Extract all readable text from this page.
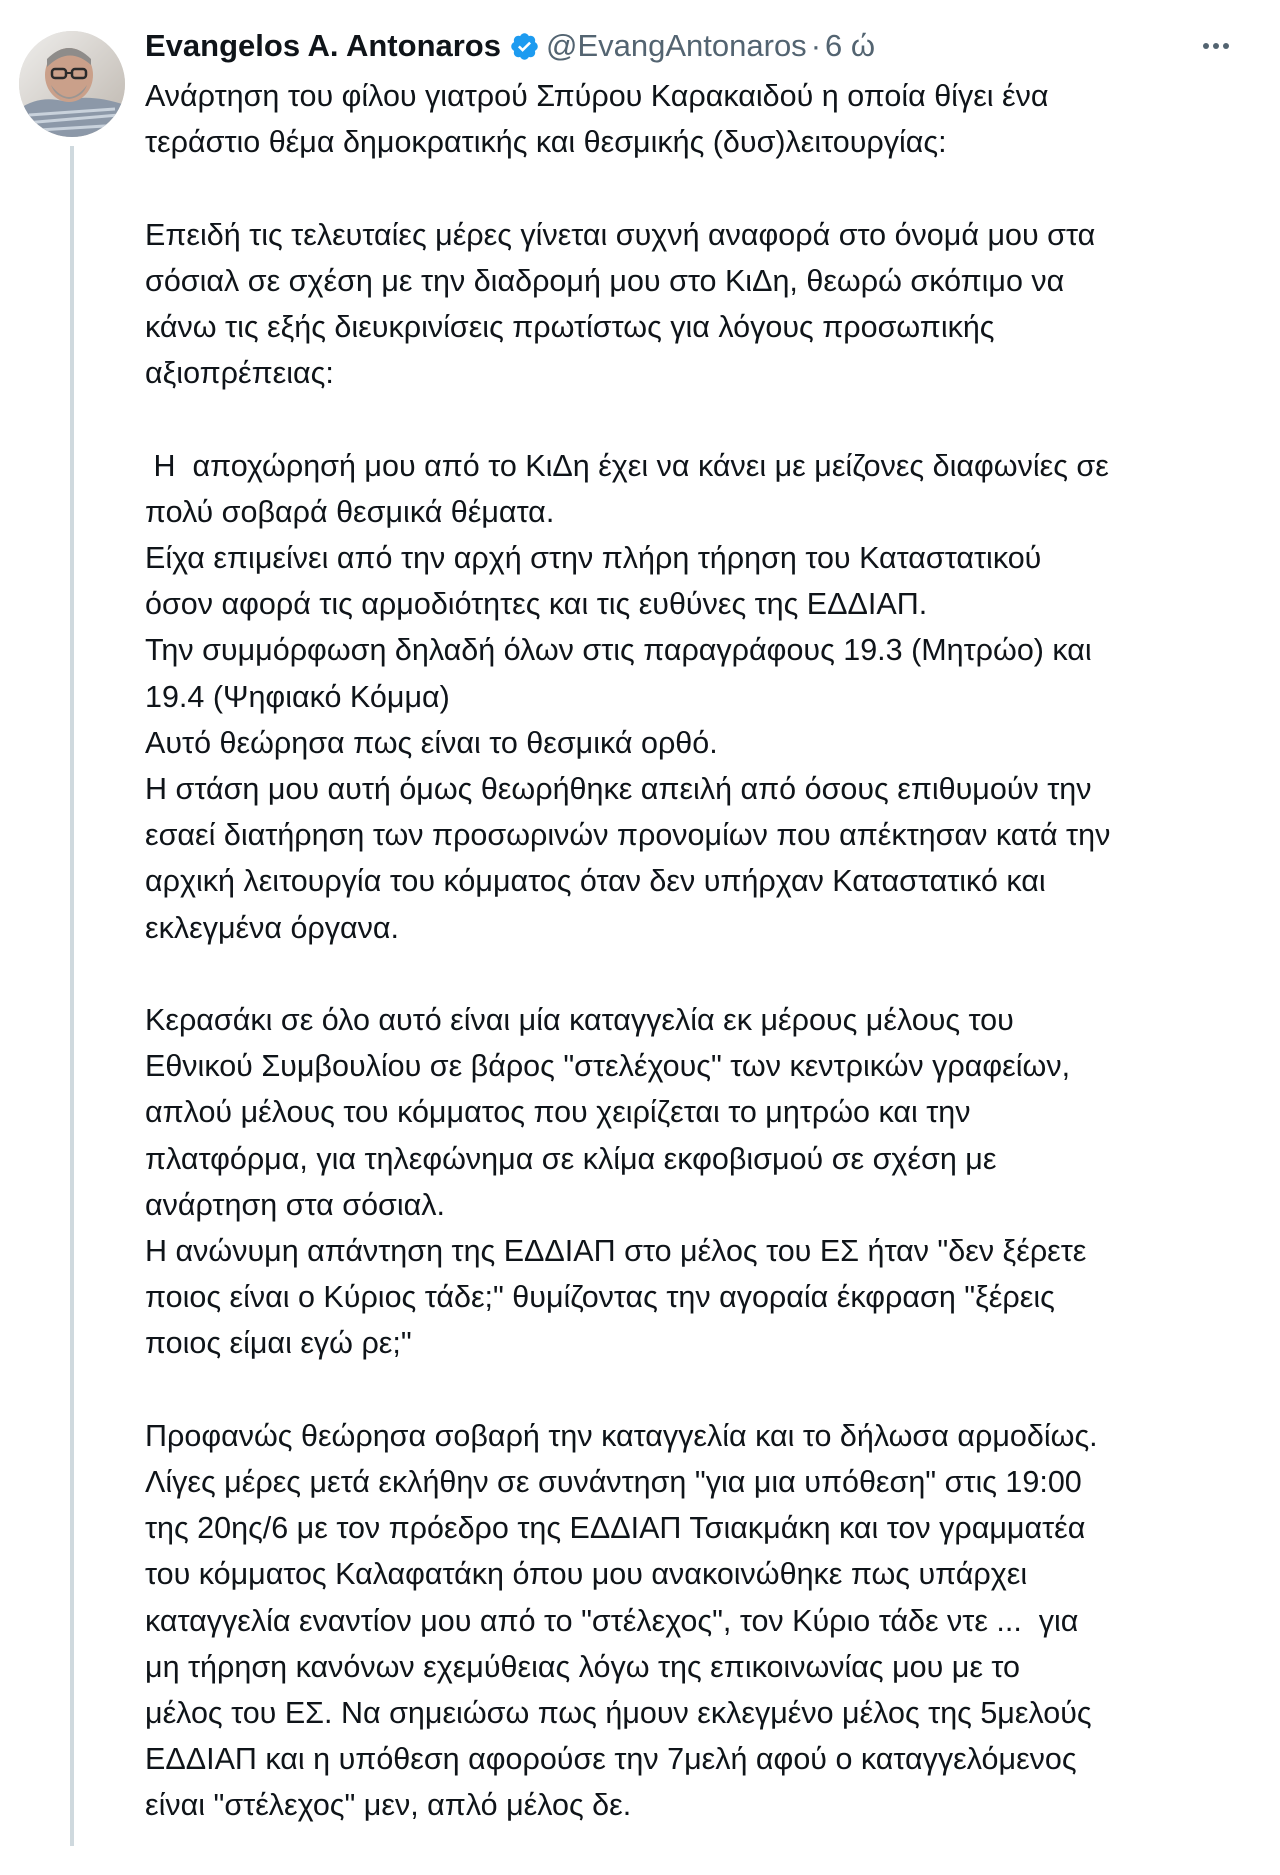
Evangelos A. Antonaros @EvangAntonaros · 6 ώ
Ανάρτηση του φίλου γιατρού Σπύρου Καρακαιδού η οποία θίγει ένα
τεράστιο θέμα δημοκρατικής και θεσμικής (δυσ)λειτουργίας:
Επειδή τις τελευταίες μέρες γίνεται συχνή αναφορά στο όνομά μου στα
σόσιαλ σε σχέση με την διαδρομή μου στο ΚιΔη, θεωρώ σκόπιμο να
κάνω τις εξής διευκρινίσεις πρωτίστως για λόγους προσωπικής
αξιοπρέπειας:
Η  αποχώρησή μου από το ΚιΔη έχει να κάνει με μείζονες διαφωνίες σε
πολύ σοβαρά θεσμικά θέματα.
Είχα επιμείνει από την αρχή στην πλήρη τήρηση του Καταστατικού
όσον αφορά τις αρμοδιότητες και τις ευθύνες της ΕΔΔΙΑΠ.
Την συμμόρφωση δηλαδή όλων στις παραγράφους 19.3 (Μητρώο) και
19.4 (Ψηφιακό Κόμμα)
Αυτό θεώρησα πως είναι το θεσμικά ορθό.
Η στάση μου αυτή όμως θεωρήθηκε απειλή από όσους επιθυμούν την
εσαεί διατήρηση των προσωρινών προνομίων που απέκτησαν κατά την
αρχική λειτουργία του κόμματος όταν δεν υπήρχαν Καταστατικό και
εκλεγμένα όργανα.
Κερασάκι σε όλο αυτό είναι μία καταγγελία εκ μέρους μέλους του
Εθνικού Συμβουλίου σε βάρος "στελέχους" των κεντρικών γραφείων,
απλού μέλους του κόμματος που χειρίζεται το μητρώο και την
πλατφόρμα, για τηλεφώνημα σε κλίμα εκφοβισμού σε σχέση με
ανάρτηση στα σόσιαλ.
Η ανώνυμη απάντηση της ΕΔΔΙΑΠ στο μέλος του ΕΣ ήταν "δεν ξέρετε
ποιος είναι ο Κύριος τάδε;" θυμίζοντας την αγοραία έκφραση "ξέρεις
ποιος είμαι εγώ ρε;"
Προφανώς θεώρησα σοβαρή την καταγγελία και το δήλωσα αρμοδίως.
Λίγες μέρες μετά εκλήθην σε συνάντηση "για μια υπόθεση" στις 19:00
της 20ης/6 με τον πρόεδρο της ΕΔΔΙΑΠ Τσιακμάκη και τον γραμματέα
του κόμματος Καλαφατάκη όπου μου ανακοινώθηκε πως υπάρχει
καταγγελία εναντίον μου από το "στέλεχος", τον Κύριο τάδε ντε ...  για
μη τήρηση κανόνων εχεμύθειας λόγω της επικοινωνίας μου με το
μέλος του ΕΣ. Να σημειώσω πως ήμουν εκλεγμένο μέλος της 5μελούς
ΕΔΔΙΑΠ και η υπόθεση αφορούσε την 7μελή αφού ο καταγγελόμενος
είναι "στέλεχος" μεν, απλό μέλος δε.
